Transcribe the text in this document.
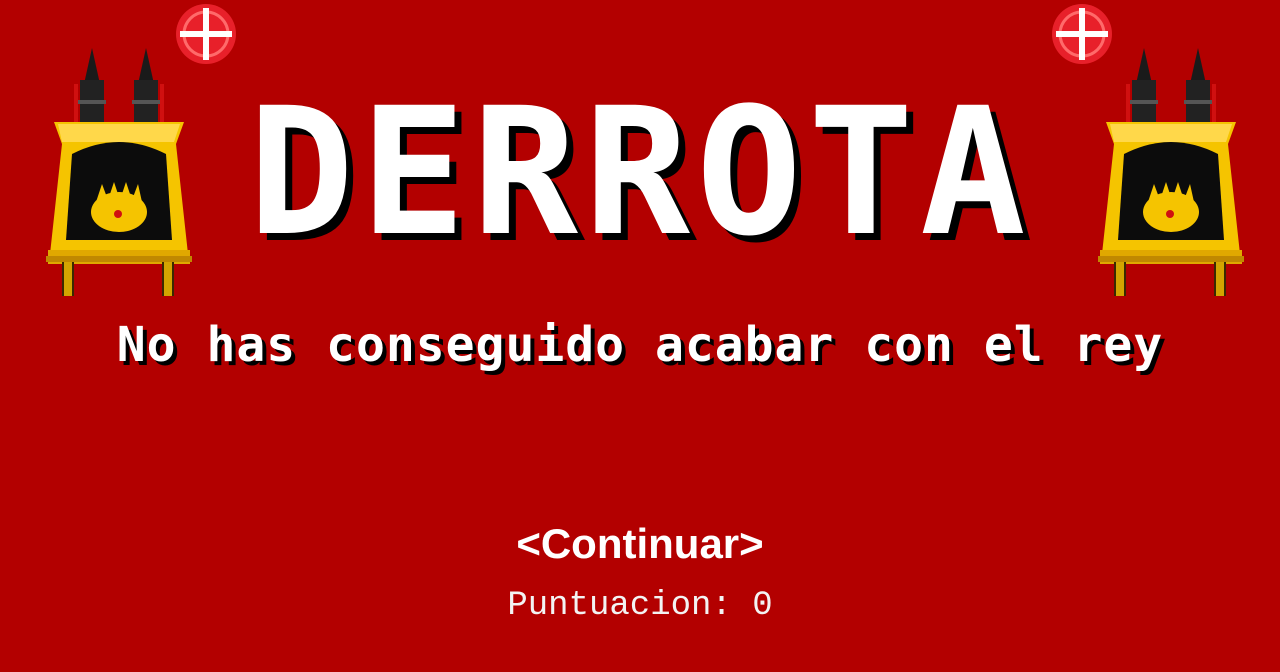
DERROTA
No has conseguido acabar con el rey
<Continuar>
Puntuacion: 0
